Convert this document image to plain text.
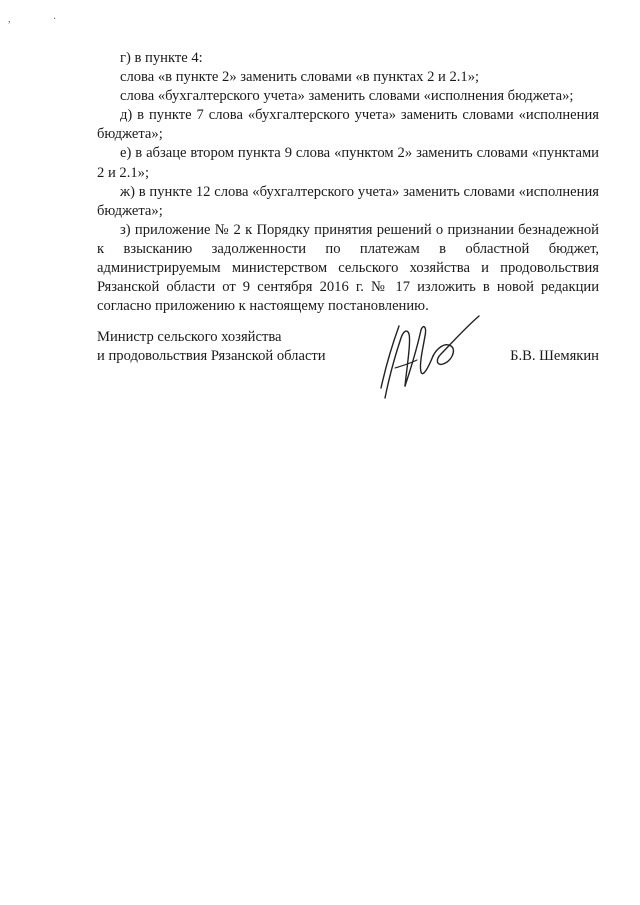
, ·

г) в пункте 4:

слова «в пункте 2» заменить словами «в пунктах 2 и 2.1»;

слова «бухгалтерского учета» заменить словами «исполнения бюджета»;

д) в пункте 7 слова «бухгалтерского учета» заменить словами «исполнения бюджета»;

е) в абзаце втором пункта 9 слова «пунктом 2» заменить словами «пунктами 2 и 2.1»;

ж) в пункте 12 слова «бухгалтерского учета» заменить словами «исполнения бюджета»;

з) приложение № 2 к Порядку принятия решений о признании безнадежной к взысканию задолженности по платежам в областной бюджет, администрируемым министерством сельского хозяйства и продовольствия Рязанской области от 9 сентября 2016 г. № 17 изложить в новой редакции согласно приложению к настоящему постановлению.

Министр сельского хозяйства
и продовольствия Рязанской области	Б.В. Шемякин
